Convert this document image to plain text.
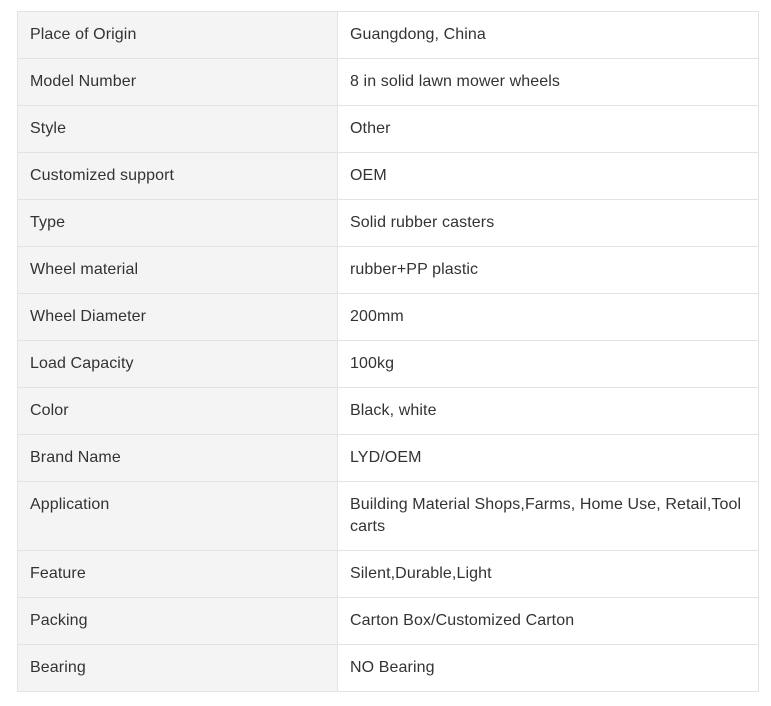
Place of Origin	Guangdong, China
Model Number	8 in solid lawn mower wheels
Style	Other
Customized support	OEM
Type	Solid rubber casters
Wheel material	rubber+PP plastic
Wheel Diameter	200mm
Load Capacity	100kg
Color	Black, white
Brand Name	LYD/OEM
Application	Building Material Shops,Farms, Home Use, Retail,Tool carts
Feature	Silent,Durable,Light
Packing	Carton Box/Customized Carton
Bearing	NO Bearing
